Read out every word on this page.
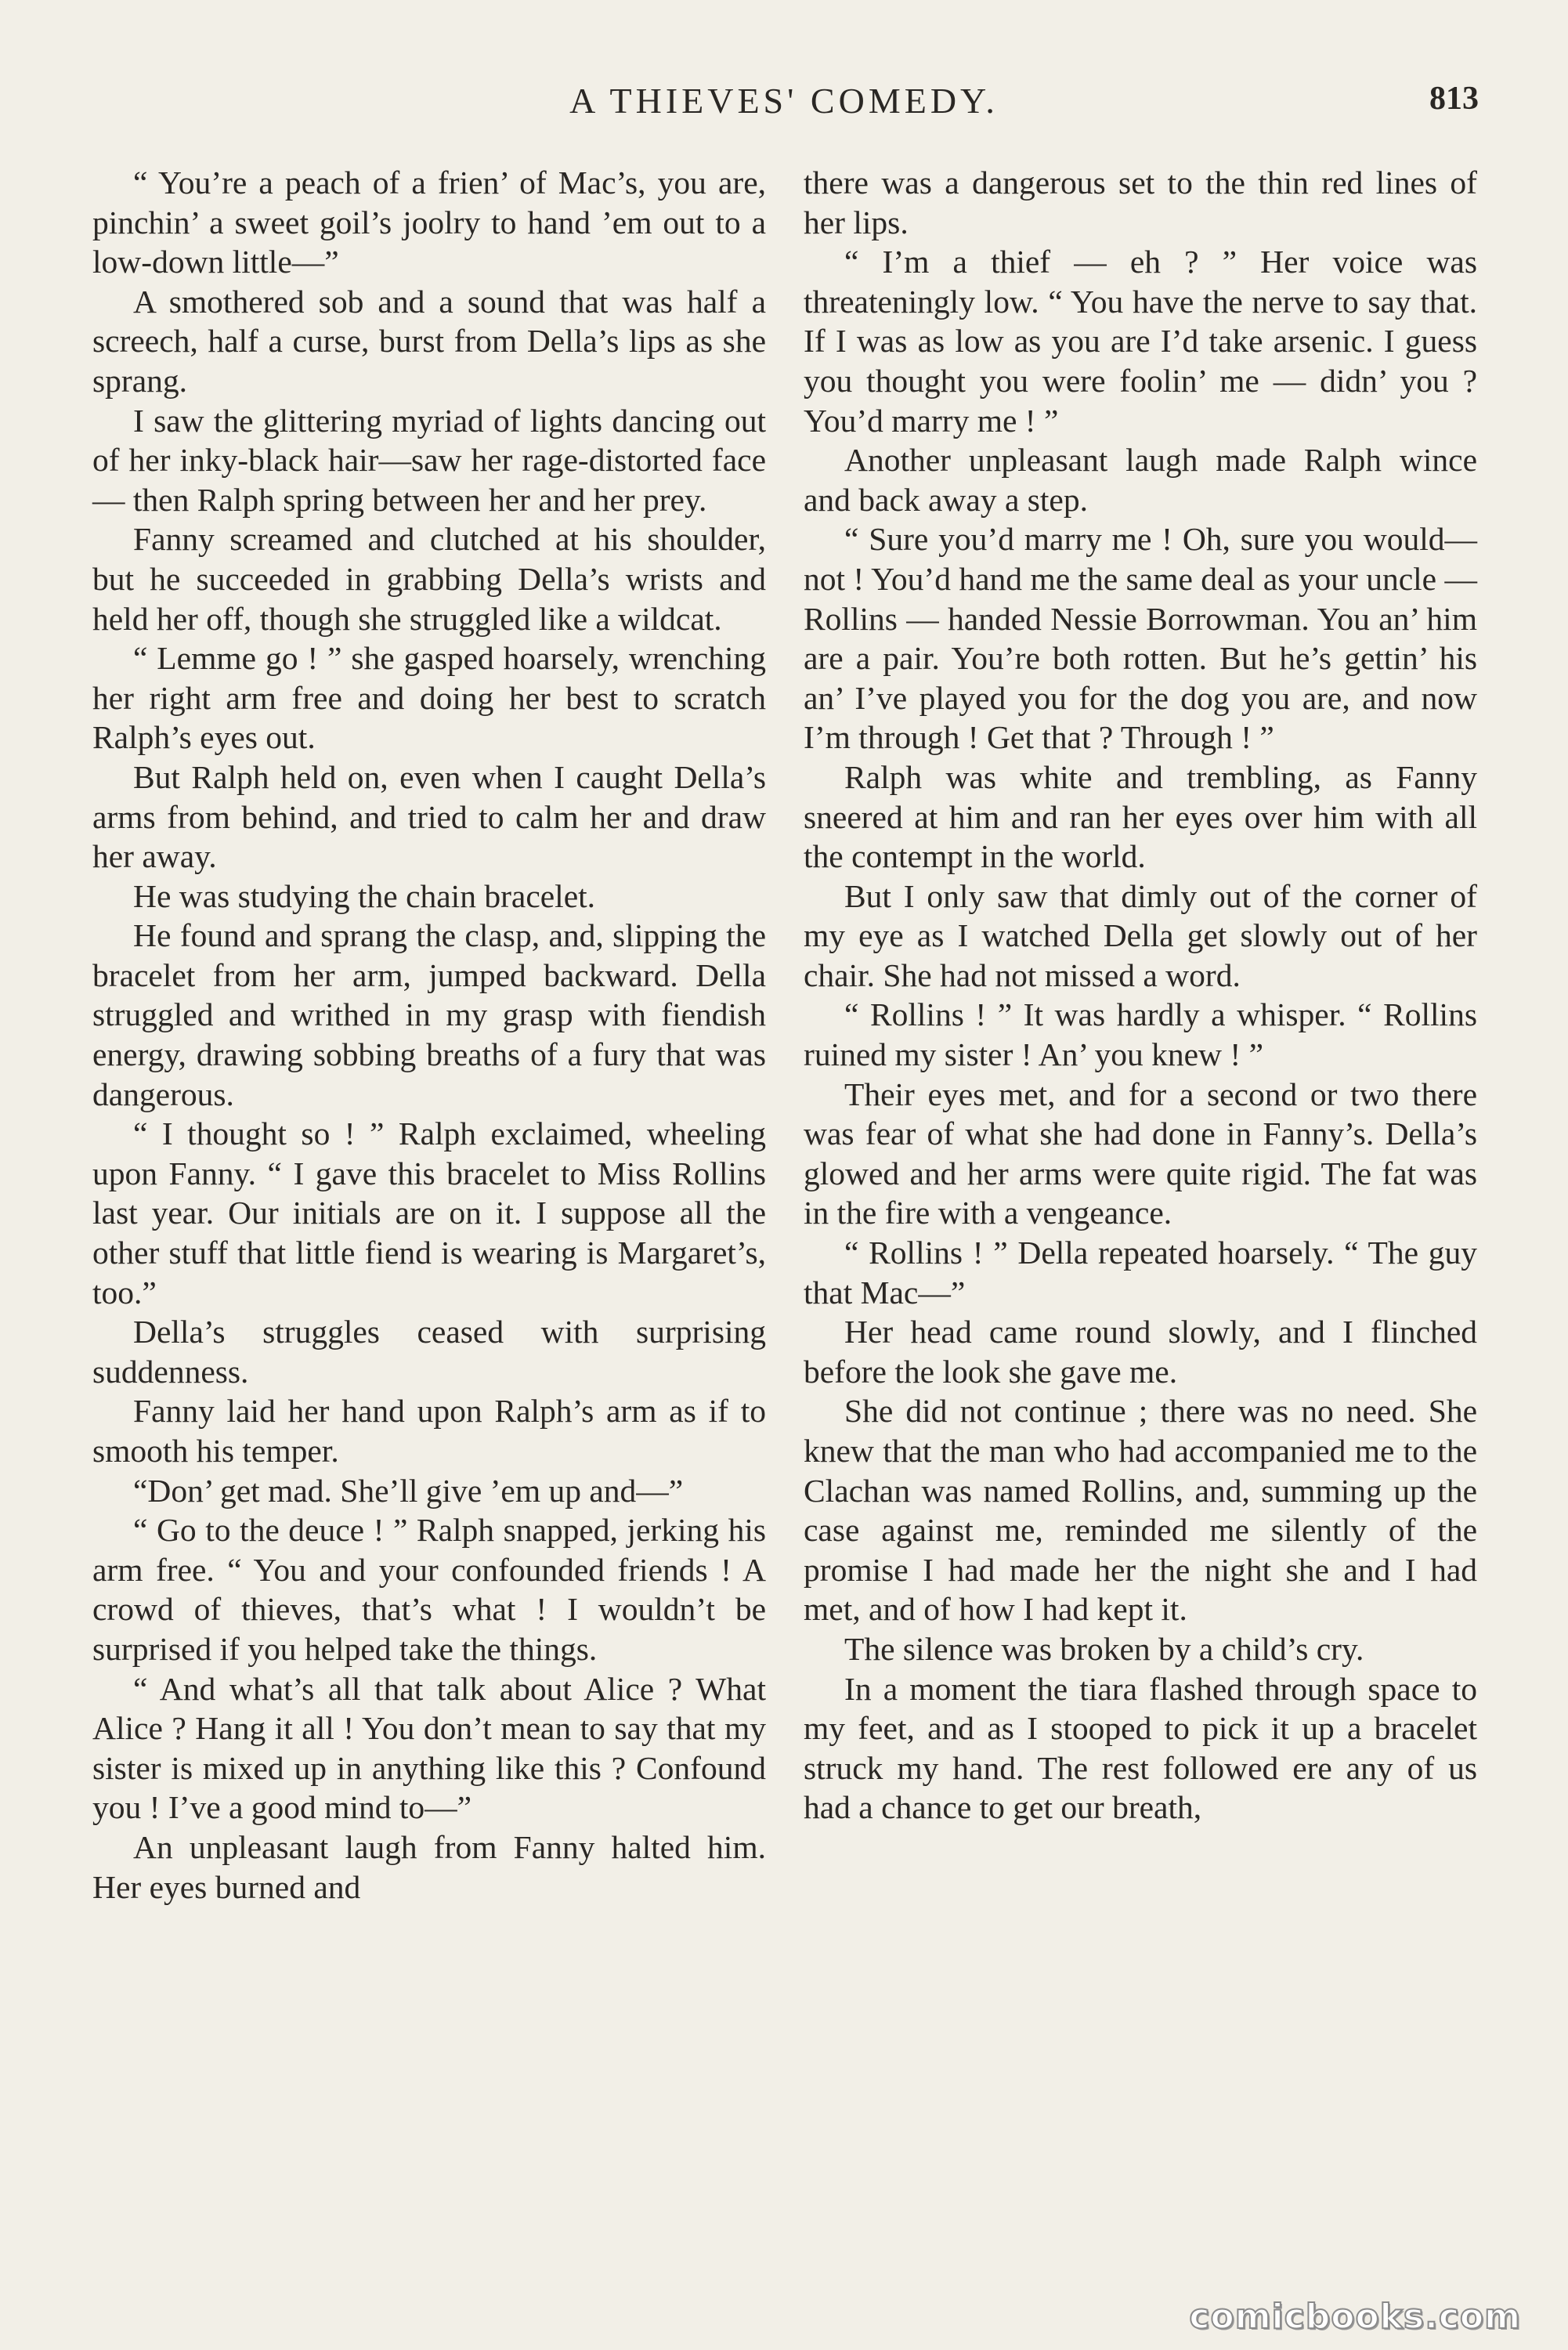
A THIEVES' COMEDY.	813

“ You’re a peach of a frien’ of Mac’s, you are, pinchin’ a sweet goil’s joolry to hand ’em out to a low-down little—”

A smothered sob and a sound that was half a screech, half a curse, burst from Della’s lips as she sprang.

I saw the glittering myriad of lights dancing out of her inky-black hair—saw her rage-distorted face — then Ralph spring between her and her prey.

Fanny screamed and clutched at his shoulder, but he succeeded in grabbing Della’s wrists and held her off, though she struggled like a wildcat.

“ Lemme go ! ” she gasped hoarsely, wrenching her right arm free and doing her best to scratch Ralph’s eyes out.

But Ralph held on, even when I caught Della’s arms from behind, and tried to calm her and draw her away.

He was studying the chain bracelet.

He found and sprang the clasp, and, slipping the bracelet from her arm, jumped backward. Della struggled and writhed in my grasp with fiendish energy, drawing sobbing breaths of a fury that was dangerous.

“ I thought so ! ” Ralph exclaimed, wheeling upon Fanny. “ I gave this bracelet to Miss Rollins last year. Our initials are on it. I suppose all the other stuff that little fiend is wearing is Margaret’s, too.”

Della’s struggles ceased with surprising suddenness.

Fanny laid her hand upon Ralph’s arm as if to smooth his temper.

“Don’ get mad. She’ll give ’em up and—”

“ Go to the deuce ! ” Ralph snapped, jerking his arm free. “ You and your confounded friends ! A crowd of thieves, that’s what ! I wouldn’t be surprised if you helped take the things.

“ And what’s all that talk about Alice ? What Alice ? Hang it all ! You don’t mean to say that my sister is mixed up in anything like this ? Confound you ! I’ve a good mind to—”

An unpleasant laugh from Fanny halted him. Her eyes burned and

there was a dangerous set to the thin red lines of her lips.

“ I’m a thief — eh ? ” Her voice was threateningly low. “ You have the nerve to say that. If I was as low as you are I’d take arsenic. I guess you thought you were foolin’ me — didn’ you ? You’d marry me ! ”

Another unpleasant laugh made Ralph wince and back away a step.

“ Sure you’d marry me ! Oh, sure you would—not ! You’d hand me the same deal as your uncle — Rollins — handed Nessie Borrowman. You an’ him are a pair. You’re both rotten. But he’s gettin’ his an’ I’ve played you for the dog you are, and now I’m through ! Get that ? Through ! ”

Ralph was white and trembling, as Fanny sneered at him and ran her eyes over him with all the contempt in the world.

But I only saw that dimly out of the corner of my eye as I watched Della get slowly out of her chair. She had not missed a word.

“ Rollins ! ” It was hardly a whisper. “ Rollins ruined my sister ! An’ you knew ! ”

Their eyes met, and for a second or two there was fear of what she had done in Fanny’s. Della’s glowed and her arms were quite rigid. The fat was in the fire with a vengeance.

“ Rollins ! ” Della repeated hoarsely. “ The guy that Mac—”

Her head came round slowly, and I flinched before the look she gave me.

She did not continue ; there was no need. She knew that the man who had accompanied me to the Clachan was named Rollins, and, summing up the case against me, reminded me silently of the promise I had made her the night she and I had met, and of how I had kept it.

The silence was broken by a child’s cry.

In a moment the tiara flashed through space to my feet, and as I stooped to pick it up a bracelet struck my hand. The rest followed ere any of us had a chance to get our breath,

comicbooks.com
